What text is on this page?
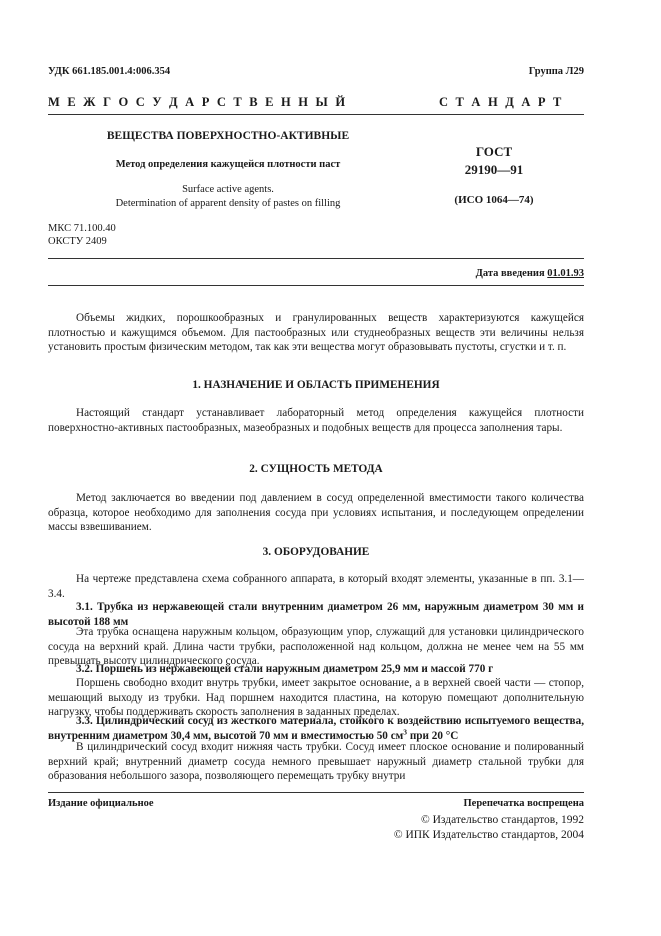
УДК 661.185.001.4:006.354	Группа Л29
М Е Ж Г О С У Д А Р С Т В Е Н Н Ы Й	С Т А Н Д А Р Т
ВЕЩЕСТВА ПОВЕРХНОСТНО-АКТИВНЫЕ
Метод определения кажущейся плотности паст
Surface active agents.
Determination of apparent density of pastes on filling
ГОСТ
29190—91
(ИСО 1064—74)
МКС 71.100.40
ОКСТУ 2409
Дата введения 01.01.93
Объемы жидких, порошкообразных и гранулированных веществ характеризуются кажущейся плотностью и кажущимся объемом. Для пастообразных или студнеобразных веществ эти величины нельзя установить простым физическим методом, так как эти вещества могут образовывать пустоты, сгустки и т. п.
1. НАЗНАЧЕНИЕ И ОБЛАСТЬ ПРИМЕНЕНИЯ
Настоящий стандарт устанавливает лабораторный метод определения кажущейся плотности поверхностно-активных пастообразных, мазеобразных и подобных веществ для процесса заполнения тары.
2. СУЩНОСТЬ МЕТОДА
Метод заключается во введении под давлением в сосуд определенной вместимости такого количества образца, которое необходимо для заполнения сосуда при условиях испытания, и последующем определении массы взвешиванием.
3. ОБОРУДОВАНИЕ
На чертеже представлена схема собранного аппарата, в который входят элементы, указанные в пп. 3.1—3.4.
3.1. Трубка из нержавеющей стали внутренним диаметром 26 мм, наружным диаметром 30 мм и высотой 188 мм
Эта трубка оснащена наружным кольцом, образующим упор, служащий для установки цилиндрического сосуда на верхний край. Длина части трубки, расположенной над кольцом, должна не менее чем на 55 мм превышать высоту цилиндрического сосуда.
3.2. Поршень из нержавеющей стали наружным диаметром 25,9 мм и массой 770 г
Поршень свободно входит внутрь трубки, имеет закрытое основание, а в верхней своей части — стопор, мешающий выходу из трубки. Над поршнем находится пластина, на которую помещают дополнительную нагрузку, чтобы поддерживать скорость заполнения в заданных пределах.
3.3. Цилиндрический сосуд из жесткого материала, стойкого к воздействию испытуемого вещества, внутренним диаметром 30,4 мм, высотой 70 мм и вместимостью 50 $см^3$ при 20 °С
В цилиндрический сосуд входит нижняя часть трубки. Сосуд имеет плоское основание и полированный верхний край; внутренний диаметр сосуда немного превышает наружный диаметр стальной трубки для образования небольшого зазора, позволяющего перемещать трубку внутри
Издание официальное	Перепечатка воспрещена
© Издательство стандартов, 1992
© ИПК Издательство стандартов, 2004
